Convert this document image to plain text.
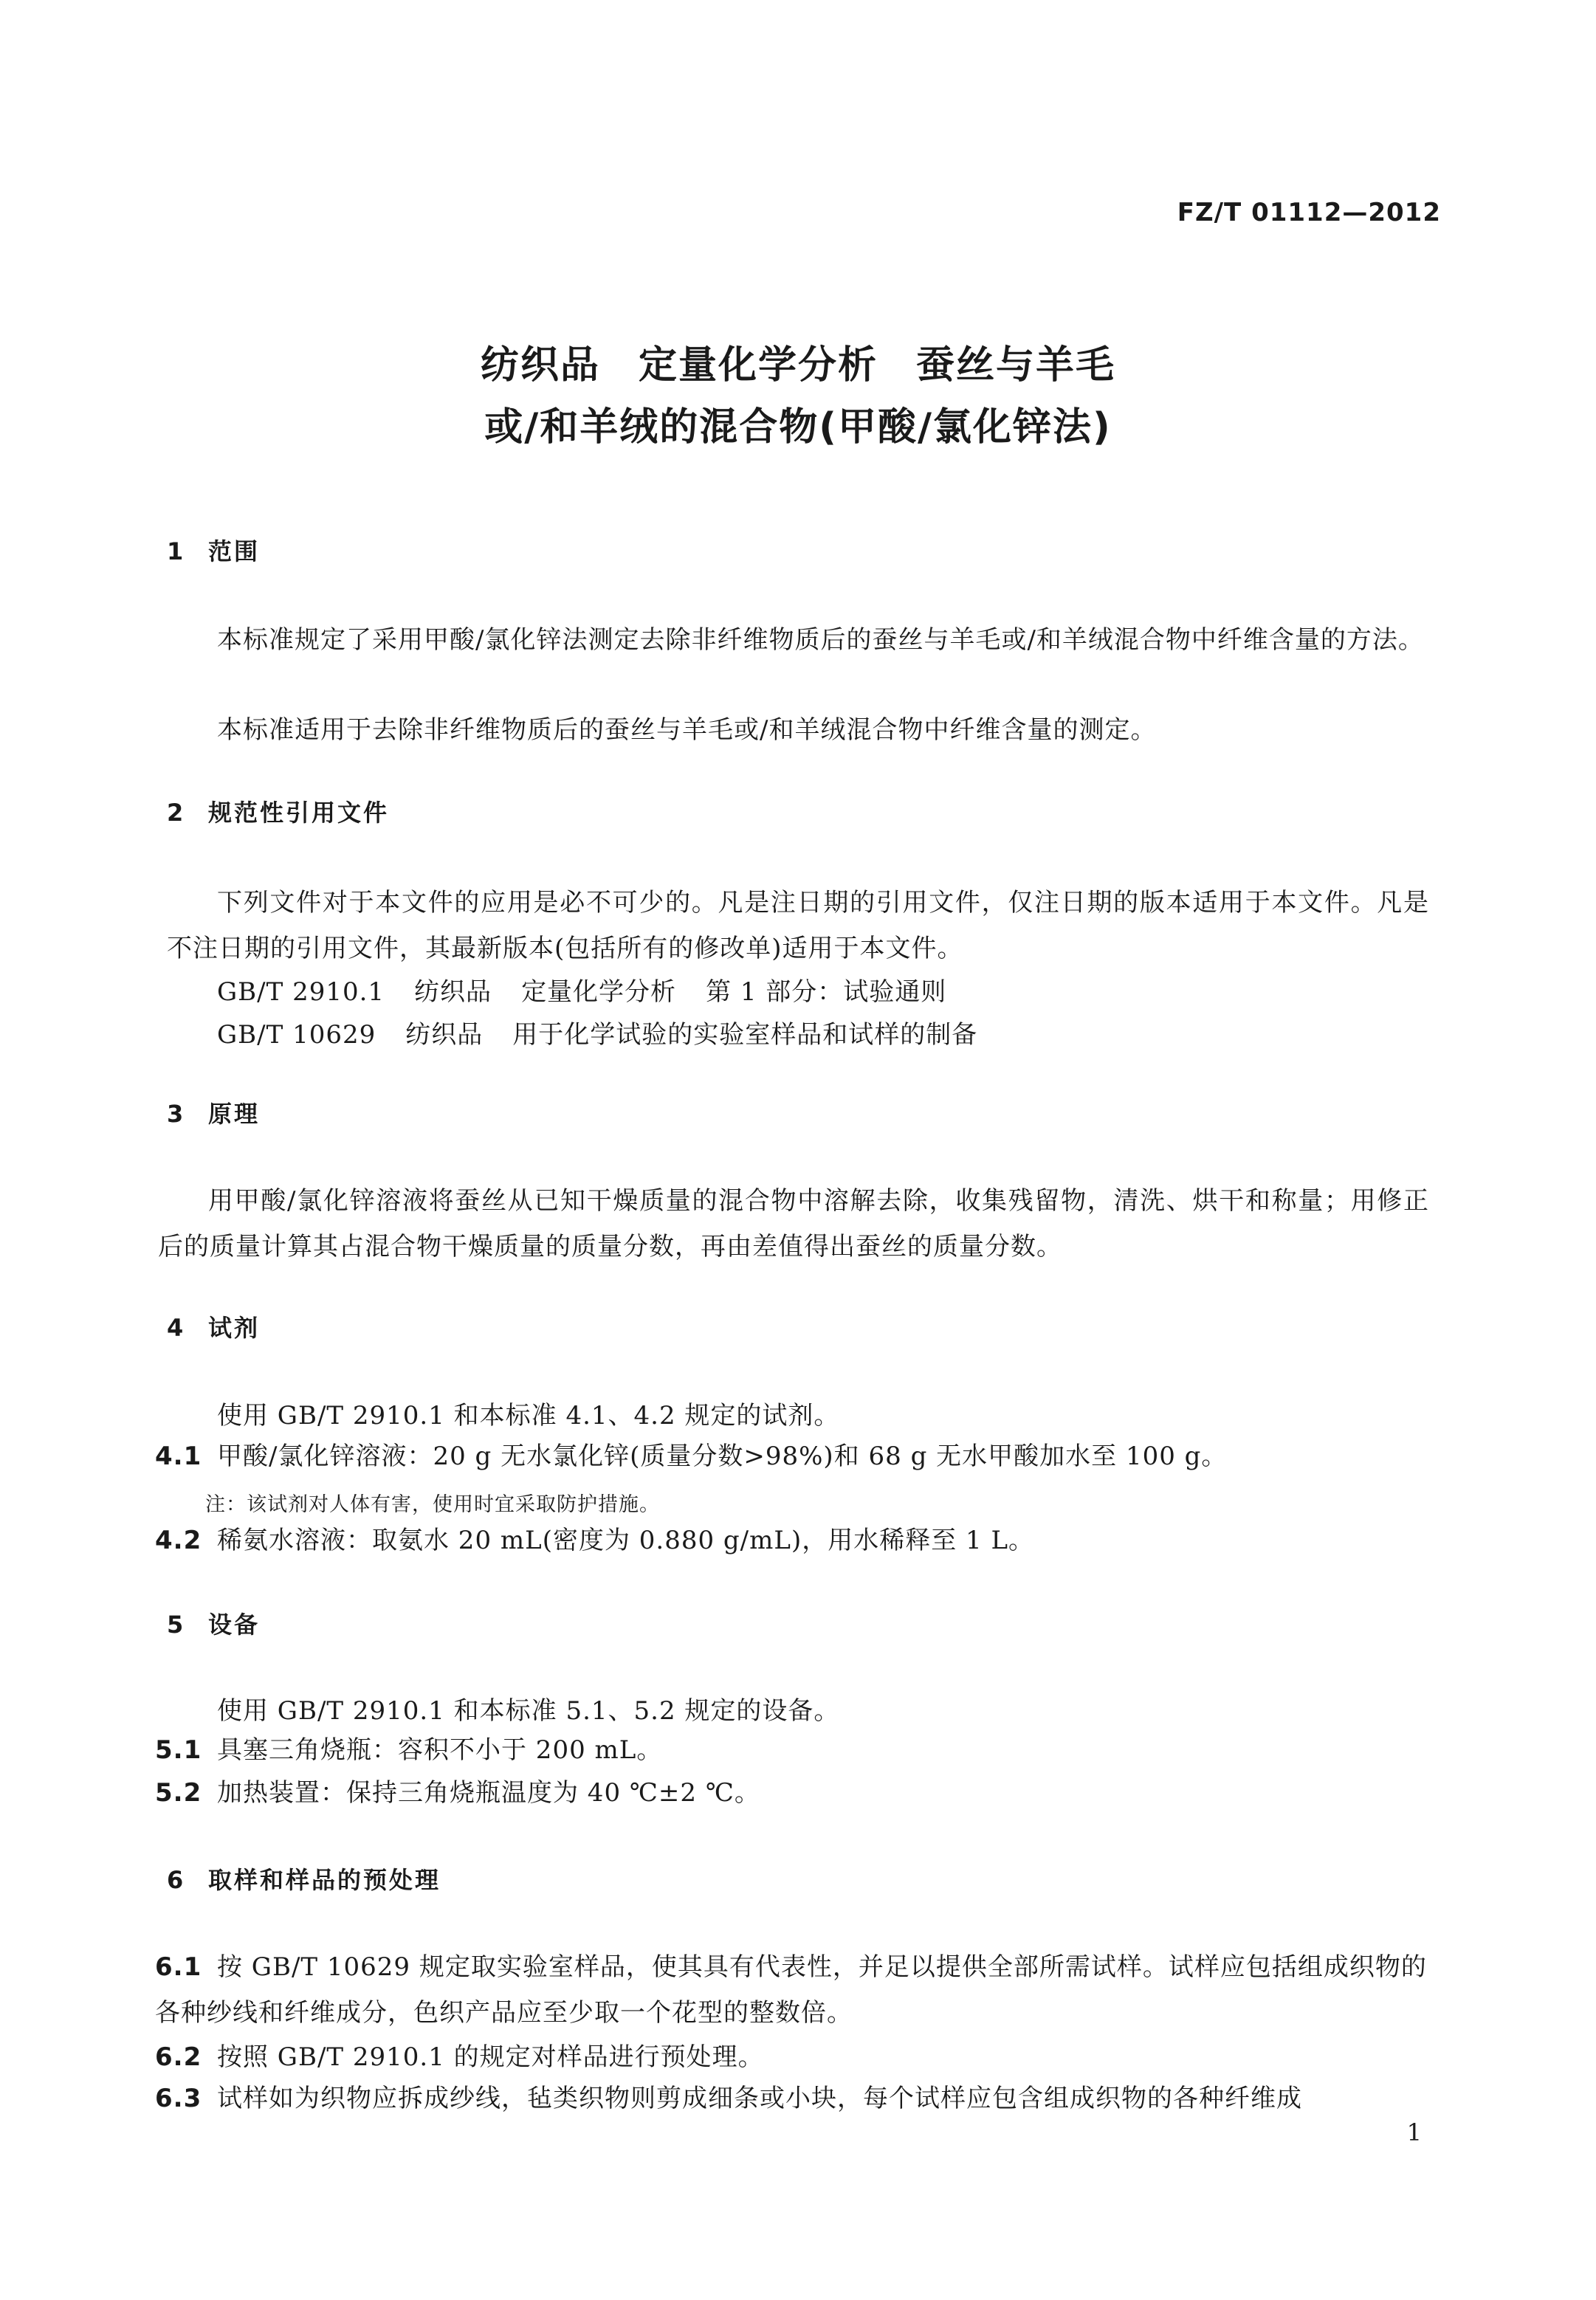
FZ/T 01112—2012
纺织品 定量化学分析 蚕丝与羊毛
或/和羊绒的混合物(甲酸/氯化锌法)
1 范围
本标准规定了采用甲酸/氯化锌法测定去除非纤维物质后的蚕丝与羊毛或/和羊绒混合物中纤维含量的方法。
本标准适用于去除非纤维物质后的蚕丝与羊毛或/和羊绒混合物中纤维含量的测定。
2 规范性引用文件
下列文件对于本文件的应用是必不可少的。凡是注日期的引用文件，仅注日期的版本适用于本文件。凡是不注日期的引用文件，其最新版本(包括所有的修改单)适用于本文件。
GB/T 2910.1 纺织品 定量化学分析 第 1 部分：试验通则
GB/T 10629 纺织品 用于化学试验的实验室样品和试样的制备
3 原理
用甲酸/氯化锌溶液将蚕丝从已知干燥质量的混合物中溶解去除，收集残留物，清洗、烘干和称量；用修正后的质量计算其占混合物干燥质量的质量分数，再由差值得出蚕丝的质量分数。
4 试剂
使用 GB/T 2910.1 和本标准 4.1、4.2 规定的试剂。
4.1 甲酸/氯化锌溶液：20 g 无水氯化锌(质量分数>98%)和 68 g 无水甲酸加水至 100 g。
注：该试剂对人体有害，使用时宜采取防护措施。
4.2 稀氨水溶液：取氨水 20 mL(密度为 0.880 g/mL)，用水稀释至 1 L。
5 设备
使用 GB/T 2910.1 和本标准 5.1、5.2 规定的设备。
5.1 具塞三角烧瓶：容积不小于 200 mL。
5.2 加热装置：保持三角烧瓶温度为 40 ℃±2 ℃。
6 取样和样品的预处理
6.1 按 GB/T 10629 规定取实验室样品，使其具有代表性，并足以提供全部所需试样。试样应包括组成织物的各种纱线和纤维成分，色织产品应至少取一个花型的整数倍。
6.2 按照 GB/T 2910.1 的规定对样品进行预处理。
6.3 试样如为织物应拆成纱线，毡类织物则剪成细条或小块，每个试样应包含组成织物的各种纤维成
1
